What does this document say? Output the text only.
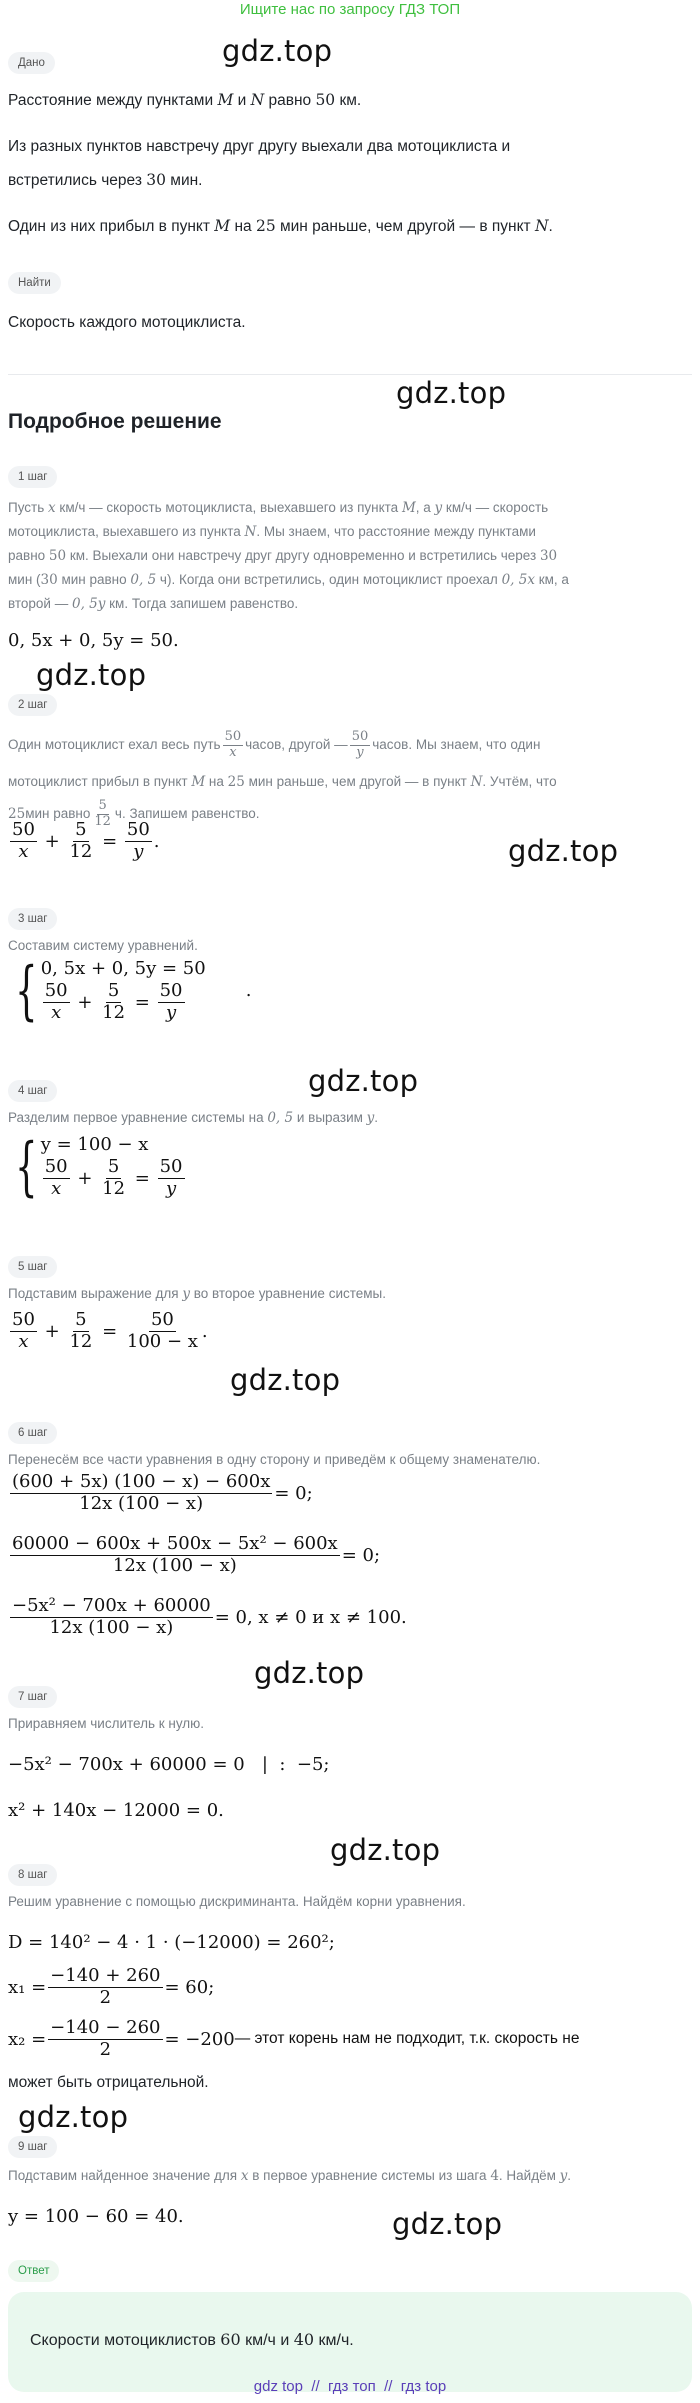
Ищите нас по запросу ГДЗ ТОП
gdz.top
gdz.top
gdz.top
gdz.top
gdz.top
gdz.top
gdz.top
gdz.top
gdz.top
gdz.top
Дано
Расстояние между пунктами M и N равно 50 км.
Из разных пунктов навстречу друг другу выехали два мотоциклиста и
встретились через 30 мин.
Один из них прибыл в пункт M на 25 мин раньше, чем другой — в пункт N.
Найти
Скорость каждого мотоциклиста.
Подробное решение
1 шаг
Пусть x км/ч — скорость мотоциклиста, выехавшего из пункта M, а y км/ч — скорость
мотоциклиста, выехавшего из пункта N. Мы знаем, что расстояние между пунктами
равно 50 км. Выехали они навстречу друг другу одновременно и встретились через 30
мин (30 мин равно 0, 5 ч). Когда они встретились, один мотоциклист проехал 0, 5x км, а
второй — 0, 5y км. Тогда запишем равенство.
0, 5x + 0, 5y = 50.
2 шаг
Один мотоциклист ехал весь путь $\frac{50}{x}$ часов, другой — $\frac{50}{y}$ часов. Мы знаем, что один
мотоциклист прибыл в пункт M на 25 мин раньше, чем другой — в пункт N. Учтём, что
25 мин равно $\frac{5}{12} ч$. Запишем равенство.
$\frac{50}{x} + \frac{5}{12} = \frac{50}{y}$ .
3 шаг
Составим систему уравнений.
{ 0, 5x + 0, 5y = 50
$\frac{50}{x} + \frac{5}{12} = \frac{50}{y}$	.
4 шаг
Разделим первое уравнение системы на 0, 5 и выразим y.
{ y = 100 − x
$\frac{50}{x} + \frac{5}{12} = \frac{50}{y}$
5 шаг
Подставим выражение для y во второе уравнение системы.
$\frac{50}{x} + \frac{5}{12} = \frac{50}{100 - x}$ .
6 шаг
Перенесём все части уравнения в одну сторону и приведём к общему знаменателю.
$\frac{(600 + 5x) (100 - x) - 600x}{12x (100 - x)} = 0$;
$\frac{\text{60000 − 600x + 500x − 5x² − 600x}}{12x (100 - x)} = 0$;
$\frac{\text{−5x² − 700x + 60000}}{12x (100 - x)} = 0$, x ≠ 0 и x ≠ 100.
7 шаг
Приравняем числитель к нулю.
−5x² − 700x + 60000 = 0   |  :  −5;
x² + 140x − 12000 = 0.
8 шаг
Решим уравнение с помощью дискриминанта. Найдём корни уравнения.
D = 140² − 4 · 1 · (−12000) = 260²;
$x_1 = \frac{-140 + 260}{2} = 60$;
$x_2 = \frac{-140 - 260}{2} = -200$ — этот корень нам не подходит, т.к. скорость не
может быть отрицательной.
9 шаг
Подставим найденное значение для x в первое уравнение системы из шага 4. Найдём y.
y = 100 − 60 = 40.
Ответ
Скорости мотоциклистов 60 км/ч и 40 км/ч.
gdz top  //  гдз топ  //  гдз top
